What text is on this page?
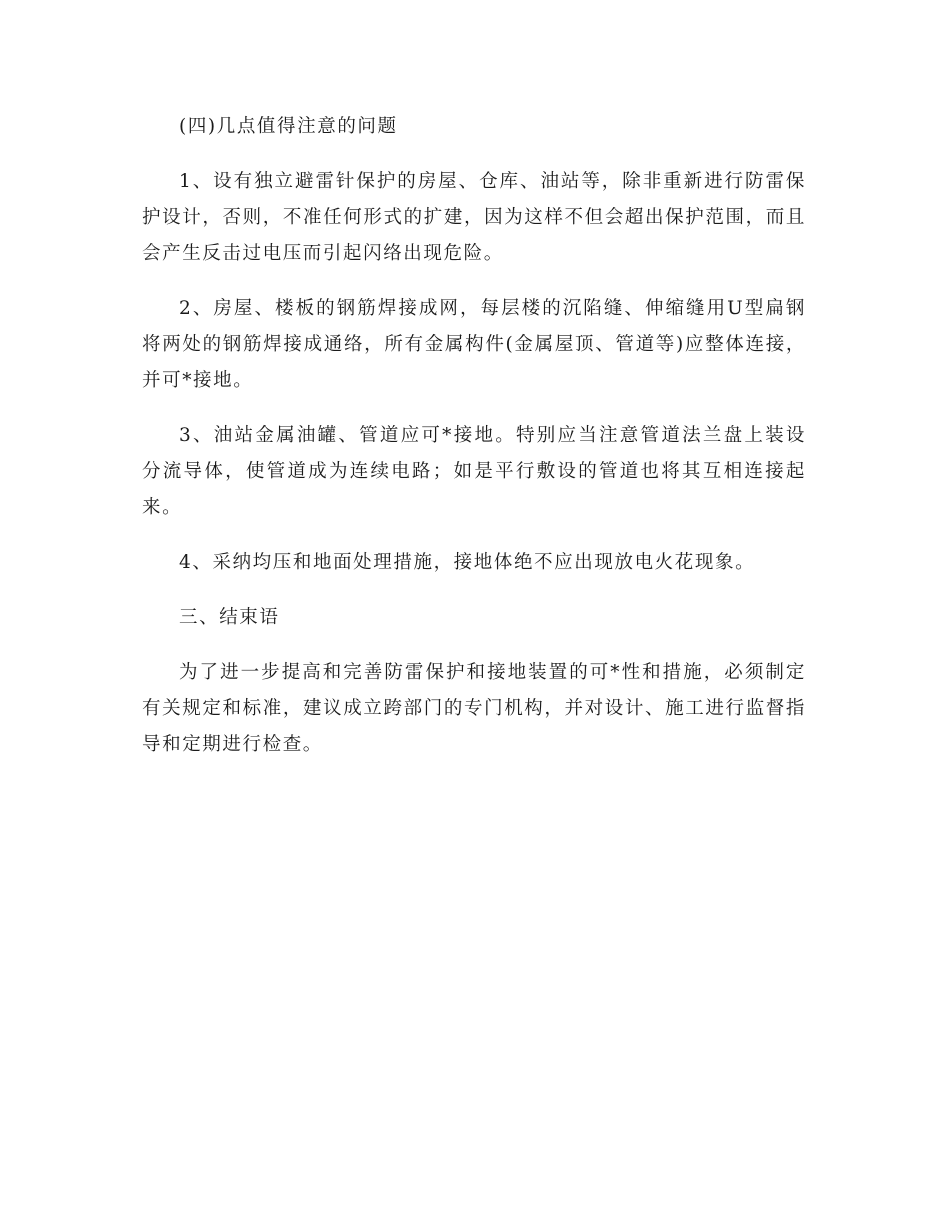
(四)几点值得注意的问题

1、设有独立避雷针保护的房屋、仓库、油站等，除非重新进行防雷保护设计，否则，不准任何形式的扩建，因为这样不但会超出保护范围，而且会产生反击过电压而引起闪络出现危险。

2、房屋、楼板的钢筋焊接成网，每层楼的沉陷缝、伸缩缝用U型扁钢将两处的钢筋焊接成通络，所有金属构件(金属屋顶、管道等)应整体连接，并可*接地。

3、油站金属油罐、管道应可*接地。特别应当注意管道法兰盘上装设分流导体，使管道成为连续电路；如是平行敷设的管道也将其互相连接起来。

4、采纳均压和地面处理措施，接地体绝不应出现放电火花现象。

三、结束语

为了进一步提高和完善防雷保护和接地装置的可*性和措施，必须制定有关规定和标准，建议成立跨部门的专门机构，并对设计、施工进行监督指导和定期进行检查。
